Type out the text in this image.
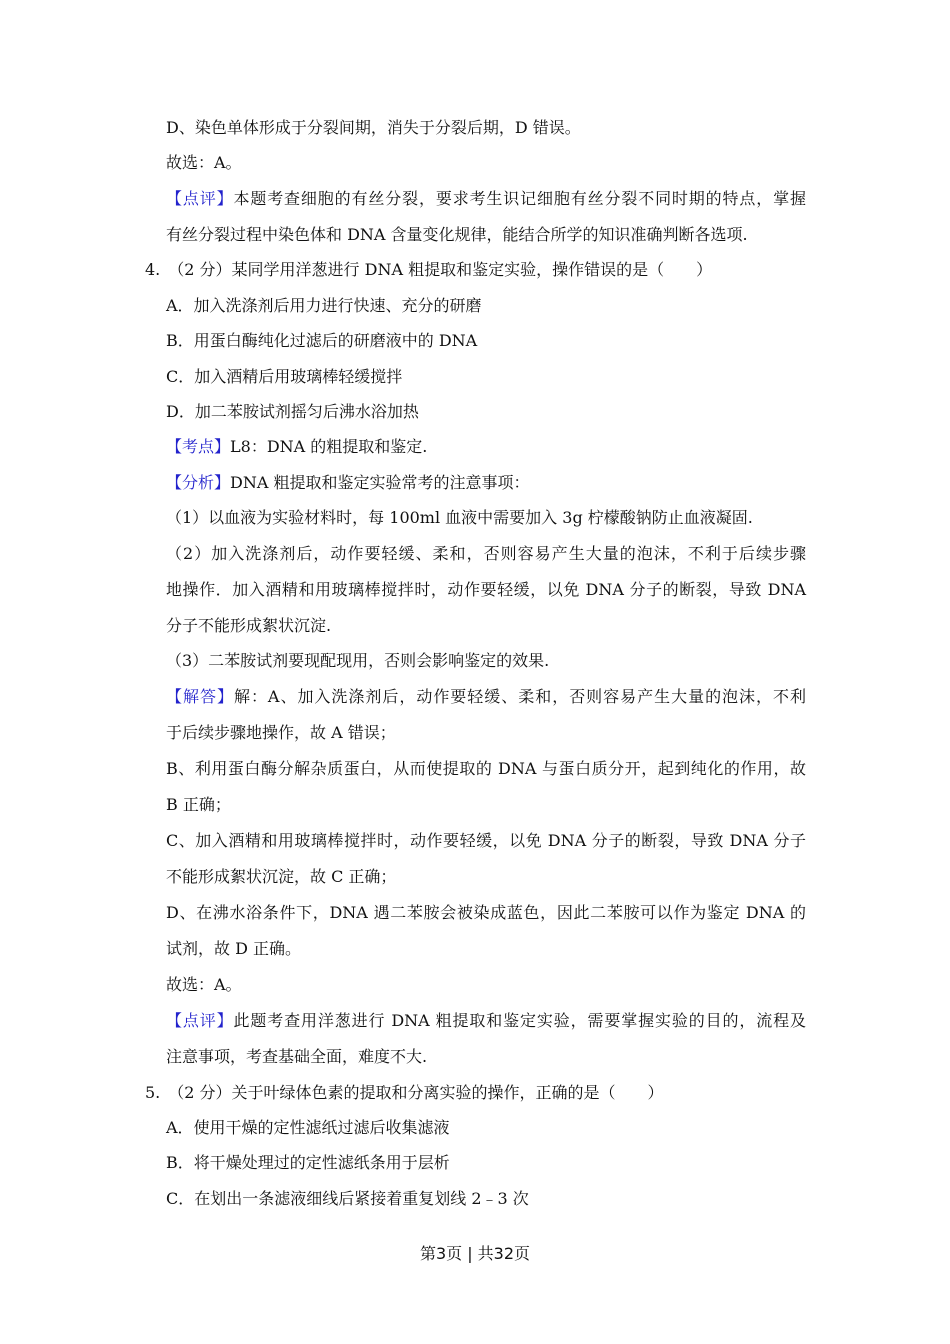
D、染色单体形成于分裂间期，消失于分裂后期，D 错误。
故选：A。
【点评】本题考查细胞的有丝分裂，要求考生识记细胞有丝分裂不同时期的特点，掌握
有丝分裂过程中染色体和 DNA 含量变化规律，能结合所学的知识准确判断各选项.
4. （2 分）某同学用洋葱进行 DNA 粗提取和鉴定实验，操作错误的是（　　）
A．加入洗涤剂后用力进行快速、充分的研磨
B．用蛋白酶纯化过滤后的研磨液中的 DNA
C．加入酒精后用玻璃棒轻缓搅拌
D．加二苯胺试剂摇匀后沸水浴加热
【考点】L8：DNA 的粗提取和鉴定.
【分析】DNA 粗提取和鉴定实验常考的注意事项：
（1）以血液为实验材料时，每 100ml 血液中需要加入 3g 柠檬酸钠防止血液凝固.
（2）加入洗涤剂后，动作要轻缓、柔和，否则容易产生大量的泡沫，不利于后续步骤
地操作．加入酒精和用玻璃棒搅拌时，动作要轻缓，以免 DNA 分子的断裂，导致 DNA
分子不能形成絮状沉淀.
（3）二苯胺试剂要现配现用，否则会影响鉴定的效果.
【解答】解：A、加入洗涤剂后，动作要轻缓、柔和，否则容易产生大量的泡沫，不利
于后续步骤地操作，故 A 错误；
B、利用蛋白酶分解杂质蛋白，从而使提取的 DNA 与蛋白质分开，起到纯化的作用，故
B 正确；
C、加入酒精和用玻璃棒搅拌时，动作要轻缓，以免 DNA 分子的断裂，导致 DNA 分子
不能形成絮状沉淀，故 C 正确；
D、在沸水浴条件下，DNA 遇二苯胺会被染成蓝色，因此二苯胺可以作为鉴定 DNA 的
试剂，故 D 正确。
故选：A。
【点评】此题考查用洋葱进行 DNA 粗提取和鉴定实验，需要掌握实验的目的，流程及
注意事项，考查基础全面，难度不大.
5. （2 分）关于叶绿体色素的提取和分离实验的操作，正确的是（　　）
A．使用干燥的定性滤纸过滤后收集滤液
B．将干燥处理过的定性滤纸条用于层析
C．在划出一条滤液细线后紧接着重复划线 2﹣3 次
第3页 | 共32页
